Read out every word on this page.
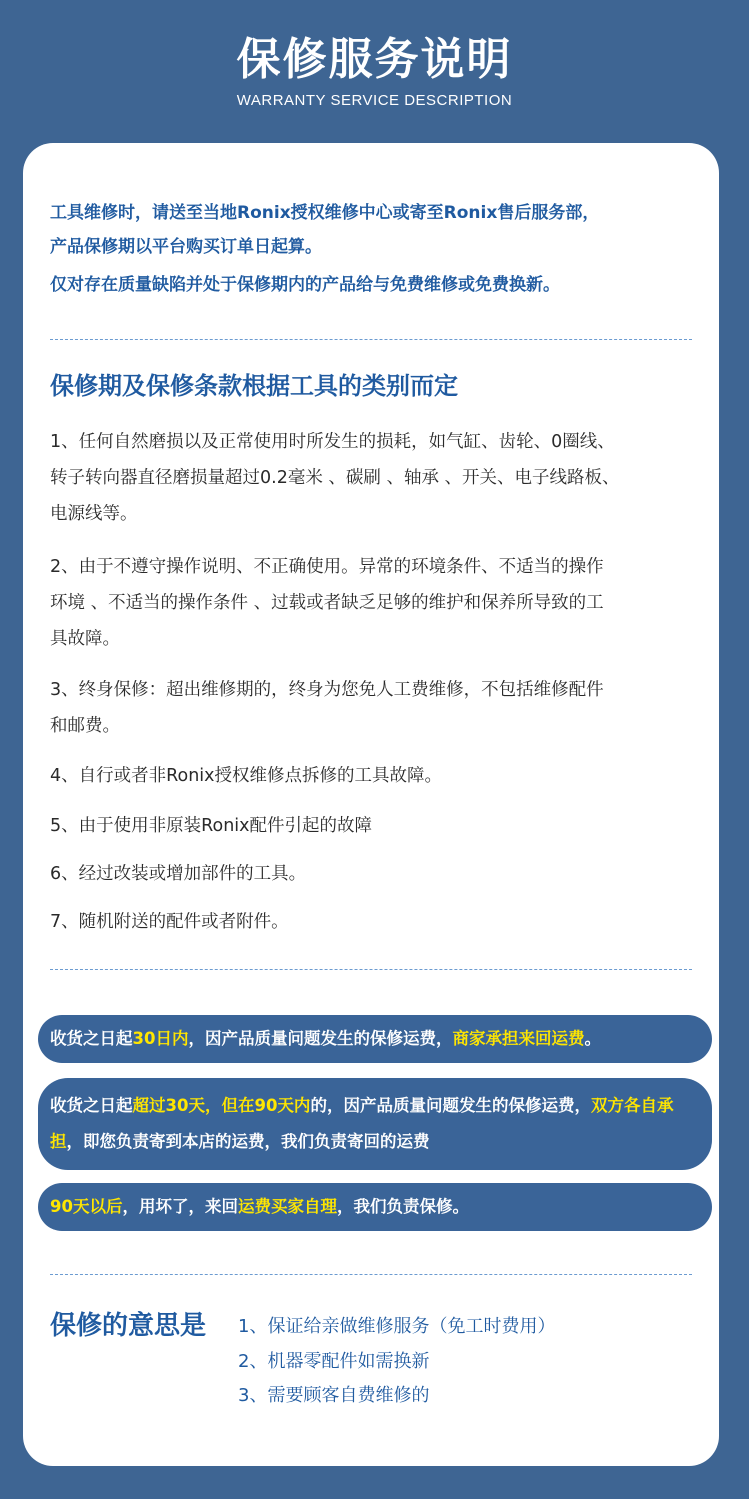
保修服务说明
WARRANTY SERVICE DESCRIPTION

工具维修时，请送至当地Ronix授权维修中心或寄至Ronix售后服务部，

产品保修期以平台购买订单日起算。

仅对存在质量缺陷并处于保修期内的产品给与免费维修或免费换新。

保修期及保修条款根据工具的类别而定
1、任何自然磨损以及正常使用时所发生的损耗，如气缸、齿轮、0圈线、
转子转向器直径磨损量超过0.2毫米 、碳刷 、轴承 、开关、电子线路板、
电源线等。
2、由于不遵守操作说明、不正确使用。异常的环境条件、不适当的操作
环境 、不适当的操作条件 、过载或者缺乏足够的维护和保养所导致的工
具故障。
3、终身保修：超出维修期的，终身为您免人工费维修，不包括维修配件
和邮费。
4、自行或者非Ronix授权维修点拆修的工具故障。
5、由于使用非原装Ronix配件引起的故障
6、经过改装或增加部件的工具。
7、随机附送的配件或者附件。
收货之日起30日内，因产品质量问题发生的保修运费，商家承担来回运费。
收货之日起超过30天，但在90天内的，因产品质量问题发生的保修运费，双方各自承担，即您负责寄到本店的运费，我们负责寄回的运费
90天以后，用坏了，来回运费买家自理，我们负责保修。
保修的意思是 1、保证给亲做维修服务（免工时费用）
2、机器零配件如需换新
3、需要顾客自费维修的
